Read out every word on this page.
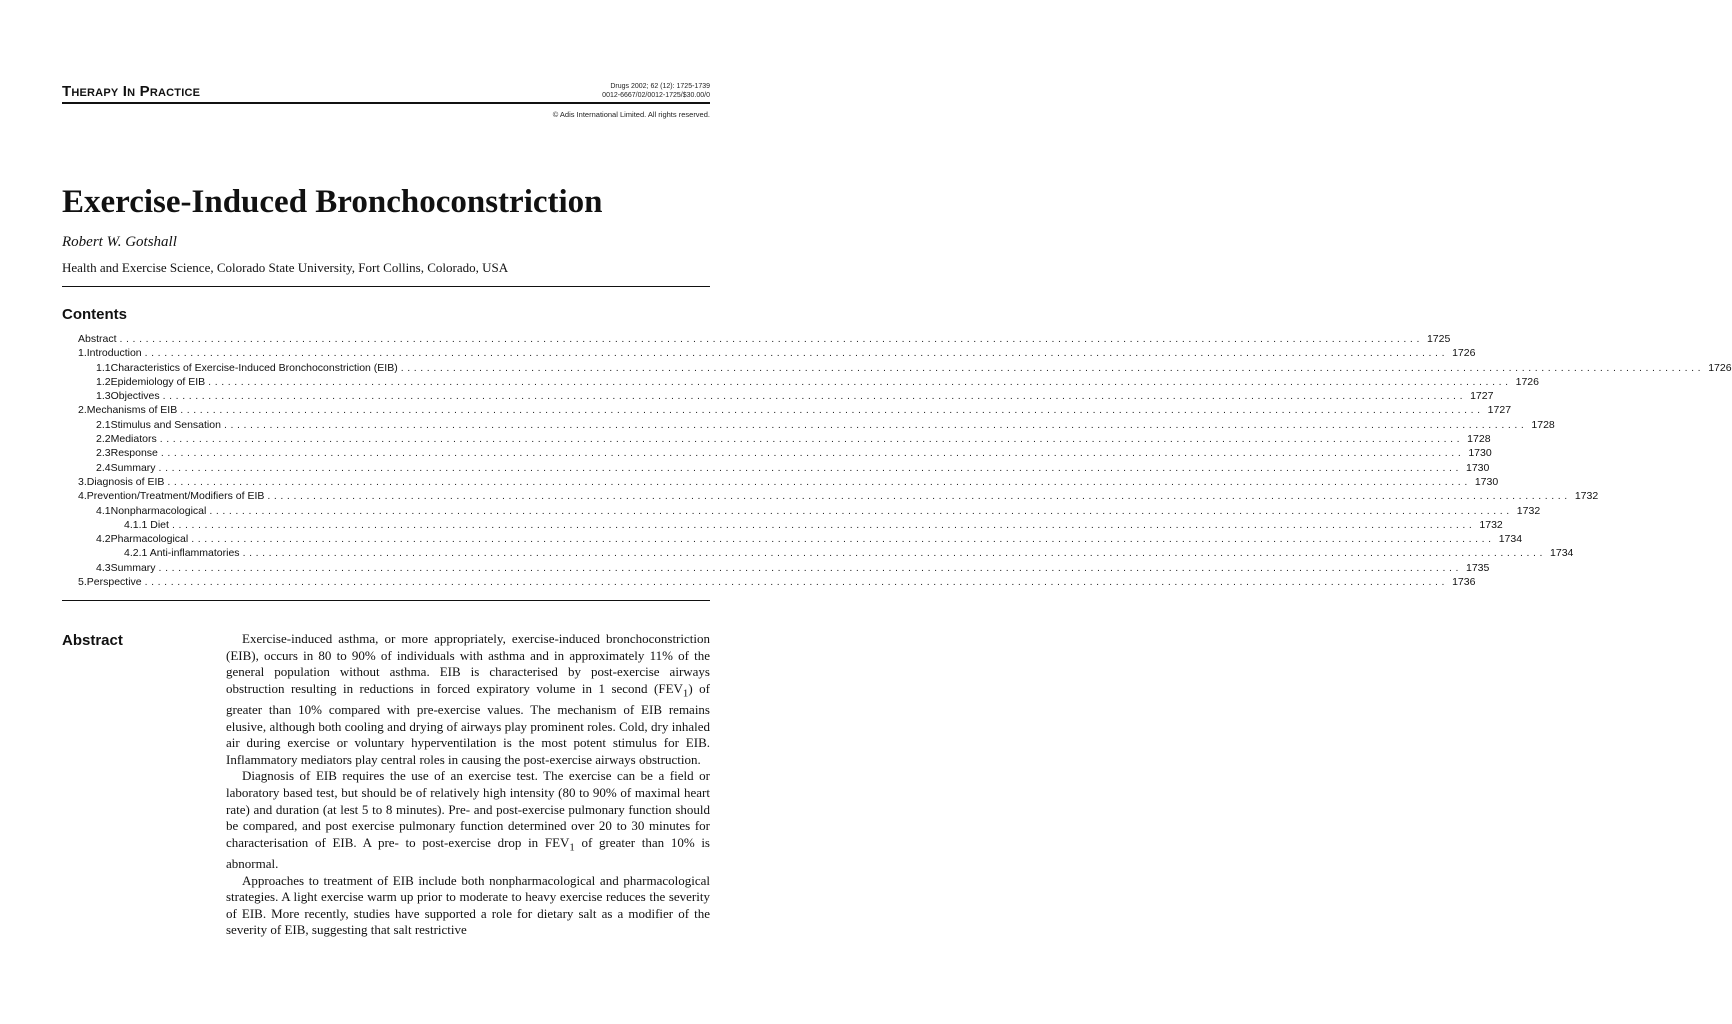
Therapy In Practice	Drugs 2002; 62 (12): 1725-1739
0012-6667/02/0012-1725/$30.00/0
© Adis International Limited. All rights reserved.
Exercise-Induced Bronchoconstriction
Robert W. Gotshall
Health and Exercise Science, Colorado State University, Fort Collins, Colorado, USA
Contents
Abstract ........................................................................................................................................................................................................ 1725
1. Introduction ........................................................................................................................................................................................................ 1726
1.1 Characteristics of Exercise-Induced Bronchoconstriction (EIB) ........................................................................................................................................................................................................ 1726
1.2 Epidemiology of EIB ........................................................................................................................................................................................................ 1726
1.3 Objectives ........................................................................................................................................................................................................ 1727
2. Mechanisms of EIB ........................................................................................................................................................................................................ 1727
2.1 Stimulus and Sensation ........................................................................................................................................................................................................ 1728
2.2 Mediators ........................................................................................................................................................................................................ 1728
2.3 Response ........................................................................................................................................................................................................ 1730
2.4 Summary ........................................................................................................................................................................................................ 1730
3. Diagnosis of EIB ........................................................................................................................................................................................................ 1730
4. Prevention/Treatment/Modifiers of EIB ........................................................................................................................................................................................................ 1732
4.1 Nonpharmacological ........................................................................................................................................................................................................ 1732
4.1.1 Diet ........................................................................................................................................................................................................ 1732
4.2 Pharmacological ........................................................................................................................................................................................................ 1734
4.2.1 Anti-inflammatories ........................................................................................................................................................................................................ 1734
4.3 Summary ........................................................................................................................................................................................................ 1735
5. Perspective ........................................................................................................................................................................................................ 1736
Abstract	Exercise-induced asthma, or more appropriately, exercise-induced bronchoconstriction (EIB), occurs in 80 to 90% of individuals with asthma and in approximately 11% of the general population without asthma. EIB is characterised by post-exercise airways obstruction resulting in reductions in forced expiratory volume in 1 second $(FEV_1)$ of greater than 10% compared with pre-exercise values. The mechanism of EIB remains elusive, although both cooling and drying of airways play prominent roles. Cold, dry inhaled air during exercise or voluntary hyperventilation is the most potent stimulus for EIB. Inflammatory mediators play central roles in causing the post-exercise airways obstruction.

Diagnosis of EIB requires the use of an exercise test. The exercise can be a field or laboratory based test, but should be of relatively high intensity (80 to 90% of maximal heart rate) and duration (at lest 5 to 8 minutes). Pre- and post-exercise pulmonary function should be compared, and post exercise pulmonary function determined over 20 to 30 minutes for characterisation of EIB. A pre- to post-exercise drop in $FEV_1$ of greater than 10% is abnormal.

Approaches to treatment of EIB include both nonpharmacological and pharmacological strategies. A light exercise warm up prior to moderate to heavy exercise reduces the severity of EIB. More recently, studies have supported a role for dietary salt as a modifier of the severity of EIB, suggesting that salt restrictive
